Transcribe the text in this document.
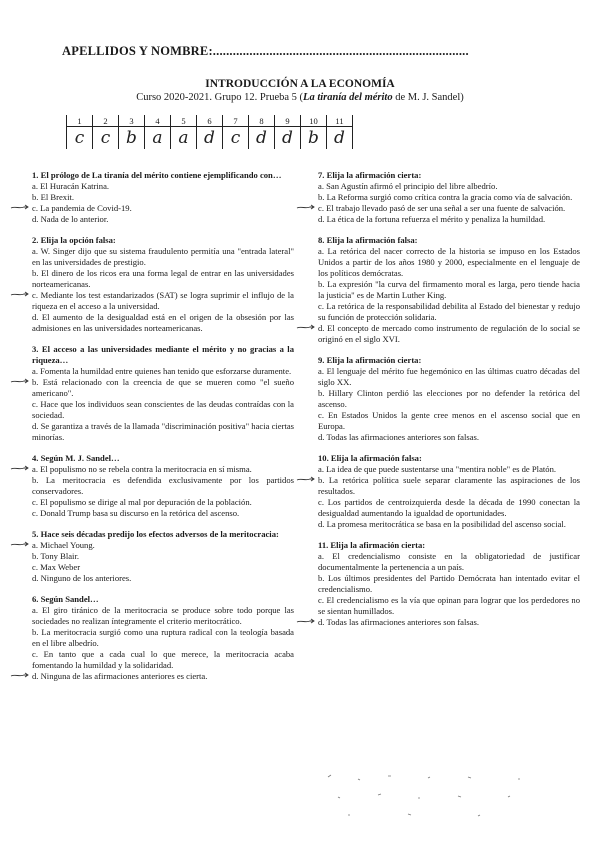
APELLIDOS Y NOMBRE:.............................................................................
INTRODUCCIÓN A LA ECONOMÍA
Curso 2020-2021. Grupo 12. Prueba 5 (La tiranía del mérito de M. J. Sandel)
1	2	3	4	5	6	7	8	9	10	11
c	c	b	a	a	d	c	d	d	b	d
1. El prólogo de La tiranía del mérito contiene ejemplificando con…
a. El Huracán Katrina.
b. El Brexit.
c. La pandemia de Covid-19.
d. Nada de lo anterior.
2. Elija la opción falsa:
a. W. Singer dijo que su sistema fraudulento permitía una "entrada lateral" en las universidades de prestigio.
b. El dinero de los ricos era una forma legal de entrar en las universidades norteamericanas.
c. Mediante los test estandarizados (SAT) se logra suprimir el influjo de la riqueza en el acceso a la universidad.
d. El aumento de la desigualdad está en el origen de la obsesión por las admisiones en las universidades norteamericanas.
3. El acceso a las universidades mediante el mérito y no gracias a la riqueza…
a. Fomenta la humildad entre quienes han tenido que esforzarse duramente.
b. Está relacionado con la creencia de que se mueren como "el sueño americano".
c. Hace que los individuos sean conscientes de las deudas contraídas con la sociedad.
d. Se garantiza a través de la llamada "discriminación positiva" hacia ciertas minorías.
4. Según M. J. Sandel…
a. El populismo no se rebela contra la meritocracia en sí misma.
b. La meritocracia es defendida exclusivamente por los partidos conservadores.
c. El populismo se dirige al mal por depuración de la población.
c. Donald Trump basa su discurso en la retórica del ascenso.
5. Hace seis décadas predijo los efectos adversos de la meritocracia:
a. Michael Young.
b. Tony Blair.
c. Max Weber
d. Ninguno de los anteriores.
6. Según Sandel…
a. El giro tiránico de la meritocracia se produce sobre todo porque las sociedades no realizan íntegramente el criterio meritocrático.
b. La meritocracia surgió como una ruptura radical con la teología basada en el libre albedrío.
c. En tanto que a cada cual lo que merece, la meritocracia acaba fomentando la humildad y la solidaridad.
d. Ninguna de las afirmaciones anteriores es cierta.
7. Elija la afirmación cierta:
a. San Agustín afirmó el principio del libre albedrío.
b. La Reforma surgió como crítica contra la gracia como vía de salvación.
c. El trabajo llevado pasó de ser una señal a ser una fuente de salvación.
d. La ética de la fortuna refuerza el mérito y penaliza la humildad.
8. Elija la afirmación falsa:
a. La retórica del nacer correcto de la historia se impuso en los Estados Unidos a partir de los años 1980 y 2000, especialmente en el lenguaje de los políticos demócratas.
b. La expresión "la curva del firmamento moral es larga, pero tiende hacia la justicia" es de Martin Luther King.
c. La retórica de la responsabilidad debilita al Estado del bienestar y redujo su función de protección solidaria.
d. El concepto de mercado como instrumento de regulación de lo social se originó en el siglo XVI.
9. Elija la afirmación cierta:
a. El lenguaje del mérito fue hegemónico en las últimas cuatro décadas del siglo XX.
b. Hillary Clinton perdió las elecciones por no defender la retórica del ascenso.
c. En Estados Unidos la gente cree menos en el ascenso social que en Europa.
d. Todas las afirmaciones anteriores son falsas.
10. Elija la afirmación falsa:
a. La idea de que puede sustentarse una "mentira noble" es de Platón.
b. La retórica política suele separar claramente las aspiraciones de los resultados.
c. Los partidos de centroizquierda desde la década de 1990 conectan la desigualdad aumentando la igualdad de oportunidades.
d. La promesa meritocrática se basa en la posibilidad del ascenso social.
11. Elija la afirmación cierta:
a. El credencialismo consiste en la obligatoriedad de justificar documentalmente la pertenencia a un país.
b. Los últimos presidentes del Partido Demócrata han intentado evitar el credencialismo.
c. El credencialismo es la vía que opinan para lograr que los perdedores no se sientan humillados.
d. Todas las afirmaciones anteriores son falsas.
